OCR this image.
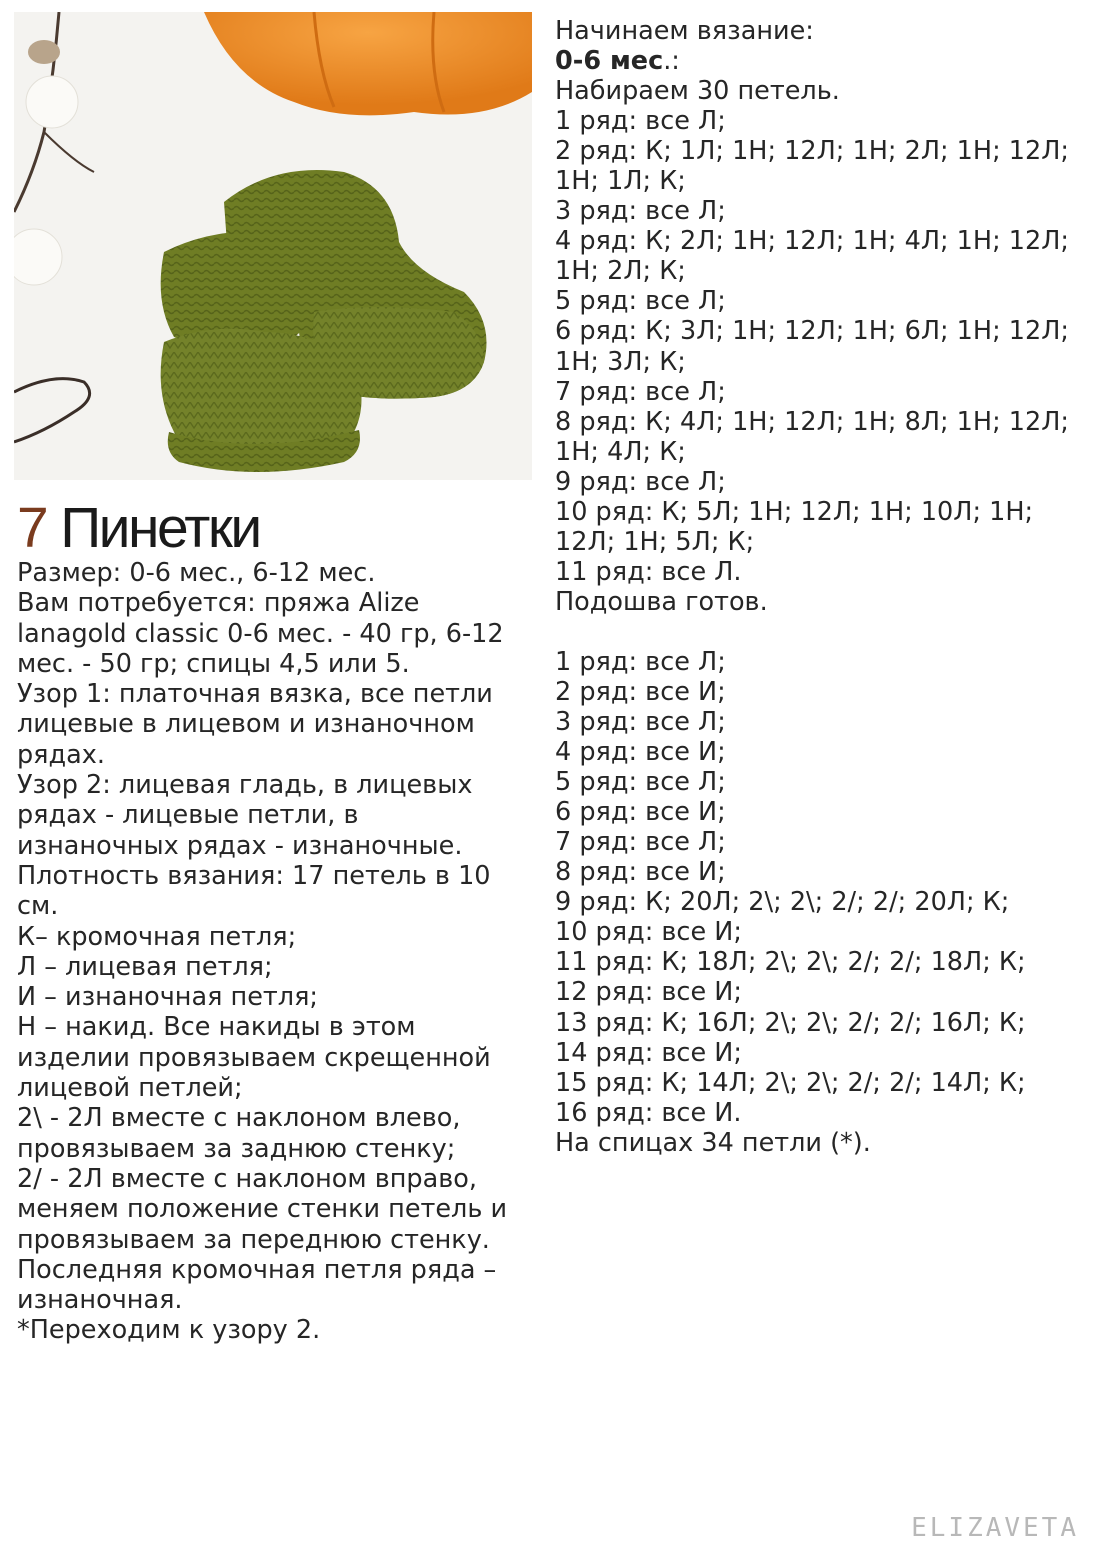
7 Пинетки
Размер: 0-6 мес., 6-12 мес.
Вам потребуется: пряжа Alize
lanagold classic 0-6 мес. - 40 гр, 6-12
мес. - 50 гр; спицы 4,5 или 5.
Узор 1: платочная вязка, все петли
лицевые в лицевом и изнаночном
рядах.
Узор 2: лицевая гладь, в лицевых
рядах - лицевые петли, в
изнаночных рядах - изнаночные.
Плотность вязания: 17 петель в 10
см.
К– кромочная петля;
Л – лицевая петля;
И – изнаночная петля;
Н – накид. Все накиды в этом
изделии провязываем скрещенной
лицевой петлей;
2\ - 2Л вместе с наклоном влево,
провязываем за заднюю стенку;
2/ - 2Л вместе с наклоном вправо,
меняем положение стенки петель и
провязываем за переднюю стенку.
Последняя кромочная петля ряда –
изнаночная.
*Переходим к узору 2.
Начинаем вязание:
0-6 мес.:
Набираем 30 петель.
1 ряд: все Л;
2 ряд: К; 1Л; 1Н; 12Л; 1Н; 2Л; 1Н; 12Л;
1Н; 1Л; К;
3 ряд: все Л;
4 ряд: К; 2Л; 1Н; 12Л; 1Н; 4Л; 1Н; 12Л;
1Н; 2Л; К;
5 ряд: все Л;
6 ряд: К; 3Л; 1Н; 12Л; 1Н; 6Л; 1Н; 12Л;
1Н; 3Л; К;
7 ряд: все Л;
8 ряд: К; 4Л; 1Н; 12Л; 1Н; 8Л; 1Н; 12Л;
1Н; 4Л; К;
9 ряд: все Л;
10 ряд: К; 5Л; 1Н; 12Л; 1Н; 10Л; 1Н;
12Л; 1Н; 5Л; К;
11 ряд: все Л.
Подошва готов.
1 ряд: все Л;
2 ряд: все И;
3 ряд: все Л;
4 ряд: все И;
5 ряд: все Л;
6 ряд: все И;
7 ряд: все Л;
8 ряд: все И;
9 ряд: К; 20Л; 2\; 2\; 2/; 2/; 20Л; К;
10 ряд: все И;
11 ряд: К; 18Л; 2\; 2\; 2/; 2/; 18Л; К;
12 ряд: все И;
13 ряд: К; 16Л; 2\; 2\; 2/; 2/; 16Л; К;
14 ряд: все И;
15 ряд: К; 14Л; 2\; 2\; 2/; 2/; 14Л; К;
16 ряд: все И.
На спицах 34 петли (*).
ELIZAVETA
